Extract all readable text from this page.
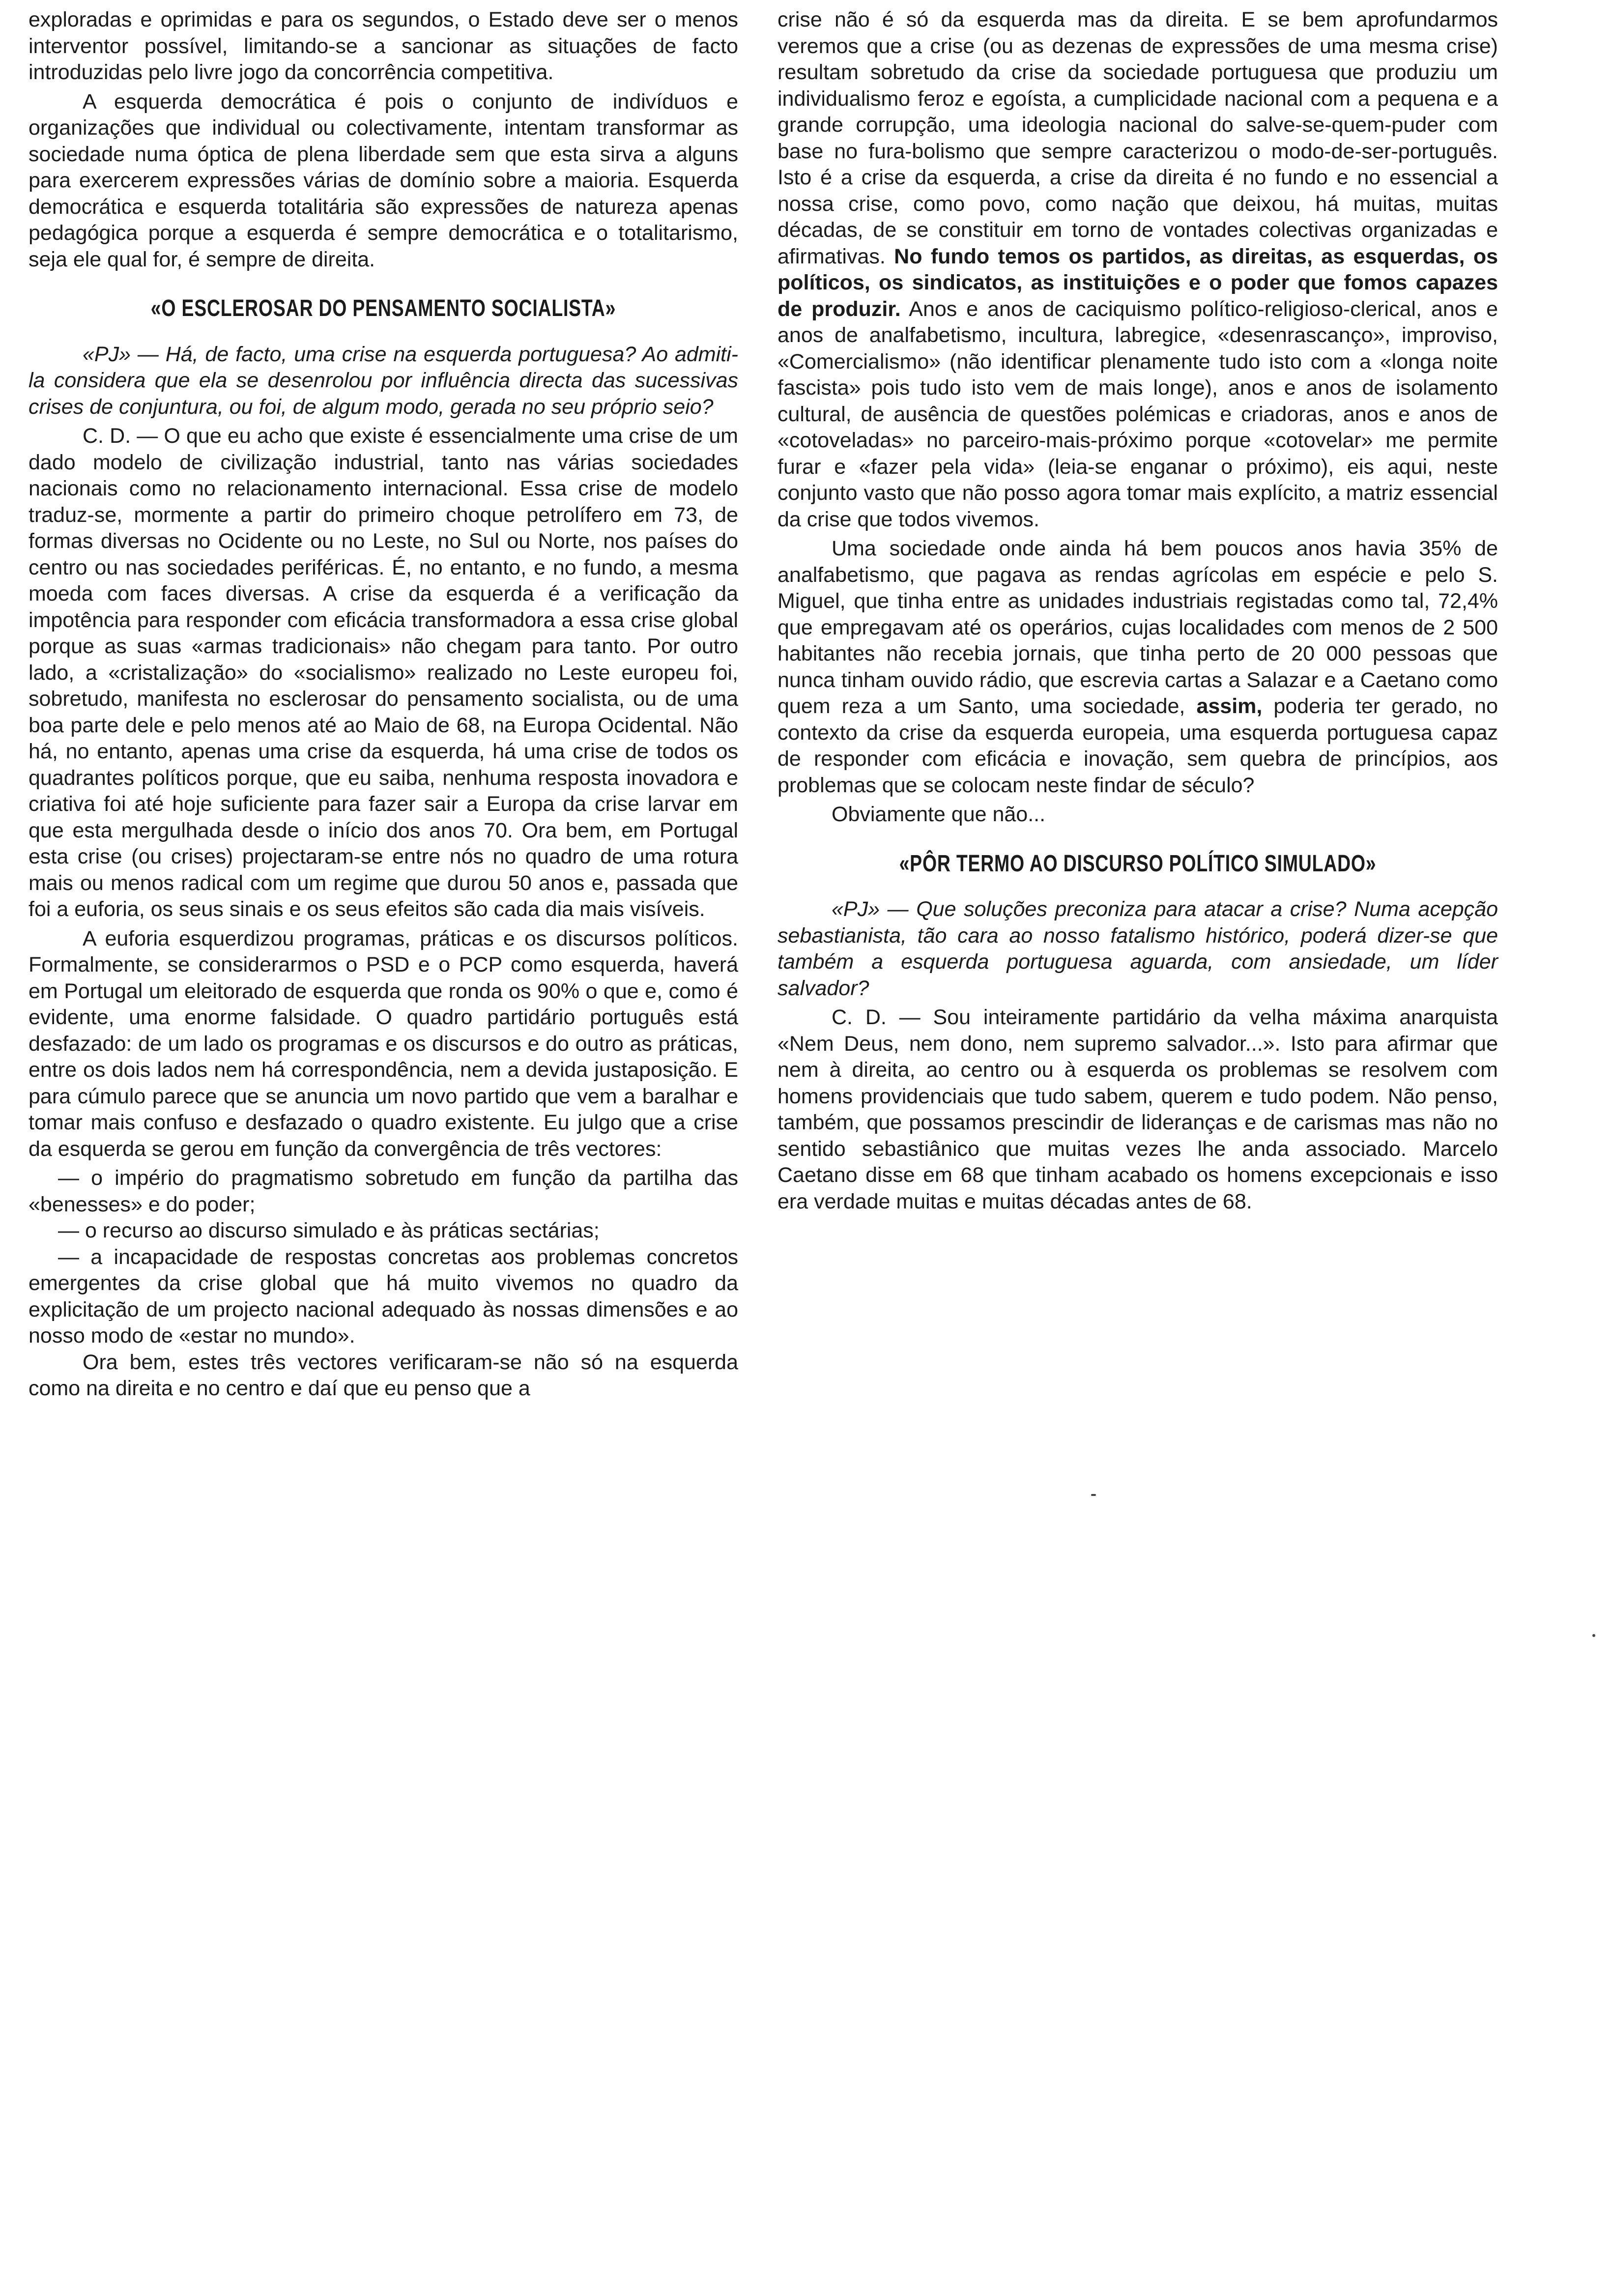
exploradas e oprimidas e para os segundos, o Estado deve ser o menos interventor possível, limitando-se a sancionar as situações de facto introduzidas pelo livre jogo da concorrência competitiva.

A esquerda democrática é pois o conjunto de indivíduos e organizações que individual ou colectivamente, intentam transformar as sociedade numa óptica de plena liberdade sem que esta sirva a alguns para exercerem expressões várias de domínio sobre a maioria. Esquerda democrática e esquerda totalitária são expressões de natureza apenas pedagógica porque a esquerda é sempre democrática e o totalitarismo, seja ele qual for, é sempre de direita.

«O ESCLEROSAR DO PENSAMENTO SOCIALISTA»

«PJ» — Há, de facto, uma crise na esquerda portuguesa? Ao admiti-la considera que ela se desenrolou por influência directa das sucessivas crises de conjuntura, ou foi, de algum modo, gerada no seu próprio seio?

C. D. — O que eu acho que existe é essencialmente uma crise de um dado modelo de civilização industrial, tanto nas várias sociedades nacionais como no relacionamento internacional. Essa crise de modelo traduz-se, mormente a partir do primeiro choque petrolífero em 73, de formas diversas no Ocidente ou no Leste, no Sul ou Norte, nos países do centro ou nas sociedades periféricas. É, no entanto, e no fundo, a mesma moeda com faces diversas. A crise da esquerda é a verificação da impotência para responder com eficácia transformadora a essa crise global porque as suas «armas tradicionais» não chegam para tanto. Por outro lado, a «cristalização» do «socialismo» realizado no Leste europeu foi, sobretudo, manifesta no esclerosar do pensamento socialista, ou de uma boa parte dele e pelo menos até ao Maio de 68, na Europa Ocidental. Não há, no entanto, apenas uma crise da esquerda, há uma crise de todos os quadrantes políticos porque, que eu saiba, nenhuma resposta inovadora e criativa foi até hoje suficiente para fazer sair a Europa da crise larvar em que esta mergulhada desde o início dos anos 70. Ora bem, em Portugal esta crise (ou crises) projectaram-se entre nós no quadro de uma rotura mais ou menos radical com um regime que durou 50 anos e, passada que foi a euforia, os seus sinais e os seus efeitos são cada dia mais visíveis.

A euforia esquerdizou programas, práticas e os discursos políticos. Formalmente, se considerarmos o PSD e o PCP como esquerda, haverá em Portugal um eleitorado de esquerda que ronda os 90% o que e, como é evidente, uma enorme falsidade. O quadro partidário português está desfazado: de um lado os programas e os discursos e do outro as práticas, entre os dois lados nem há correspondência, nem a devida justaposição. E para cúmulo parece que se anuncia um novo partido que vem a baralhar e tomar mais confuso e desfazado o quadro existente. Eu julgo que a crise da esquerda se gerou em função da convergência de três vectores:

— o império do pragmatismo sobretudo em função da partilha das «benesses» e do poder;

— o recurso ao discurso simulado e às práticas sectárias;

— a incapacidade de respostas concretas aos problemas concretos emergentes da crise global que há muito vivemos no quadro da explicitação de um projecto nacional adequado às nossas dimensões e ao nosso modo de «estar no mundo».

Ora bem, estes três vectores verificaram-se não só na esquerda como na direita e no centro e daí que eu penso que a

crise não é só da esquerda mas da direita. E se bem aprofundarmos veremos que a crise (ou as dezenas de expressões de uma mesma crise) resultam sobretudo da crise da sociedade portuguesa que produziu um individualismo feroz e egoísta, a cumplicidade nacional com a pequena e a grande corrupção, uma ideologia nacional do salve-se-quem-puder com base no fura-bolismo que sempre caracterizou o modo-de-ser-português. Isto é a crise da esquerda, a crise da direita é no fundo e no essencial a nossa crise, como povo, como nação que deixou, há muitas, muitas décadas, de se constituir em torno de vontades colectivas organizadas e afirmativas. No fundo temos os partidos, as direitas, as esquerdas, os políticos, os sindicatos, as instituições e o poder que fomos capazes de produzir. Anos e anos de caciquismo político-religioso-clerical, anos e anos de analfabetismo, incultura, labregice, «desenrascanço», improviso, «Comercialismo» (não identificar plenamente tudo isto com a «longa noite fascista» pois tudo isto vem de mais longe), anos e anos de isolamento cultural, de ausência de questões polémicas e criadoras, anos e anos de «cotoveladas» no parceiro-mais-próximo porque «cotovelar» me permite furar e «fazer pela vida» (leia-se enganar o próximo), eis aqui, neste conjunto vasto que não posso agora tomar mais explícito, a matriz essencial da crise que todos vivemos.

Uma sociedade onde ainda há bem poucos anos havia 35% de analfabetismo, que pagava as rendas agrícolas em espécie e pelo S. Miguel, que tinha entre as unidades industriais registadas como tal, 72,4% que empregavam até os operários, cujas localidades com menos de 2 500 habitantes não recebia jornais, que tinha perto de 20 000 pessoas que nunca tinham ouvido rádio, que escrevia cartas a Salazar e a Caetano como quem reza a um Santo, uma sociedade, assim, poderia ter gerado, no contexto da crise da esquerda europeia, uma esquerda portuguesa capaz de responder com eficácia e inovação, sem quebra de princípios, aos problemas que se colocam neste findar de século?

Obviamente que não...

«PÔR TERMO AO DISCURSO POLÍTICO SIMULADO»

«PJ» — Que soluções preconiza para atacar a crise? Numa acepção sebastianista, tão cara ao nosso fatalismo histórico, poderá dizer-se que também a esquerda portuguesa aguarda, com ansiedade, um líder salvador?

C. D. — Sou inteiramente partidário da velha máxima anarquista «Nem Deus, nem dono, nem supremo salvador...». Isto para afirmar que nem à direita, ao centro ou à esquerda os problemas se resolvem com homens providenciais que tudo sabem, querem e tudo podem. Não penso, também, que possamos prescindir de lideranças e de carismas mas não no sentido sebastiânico que muitas vezes lhe anda associado. Marcelo Caetano disse em 68 que tinham acabado os homens excepcionais e isso era verdade muitas e muitas décadas antes de 68.
